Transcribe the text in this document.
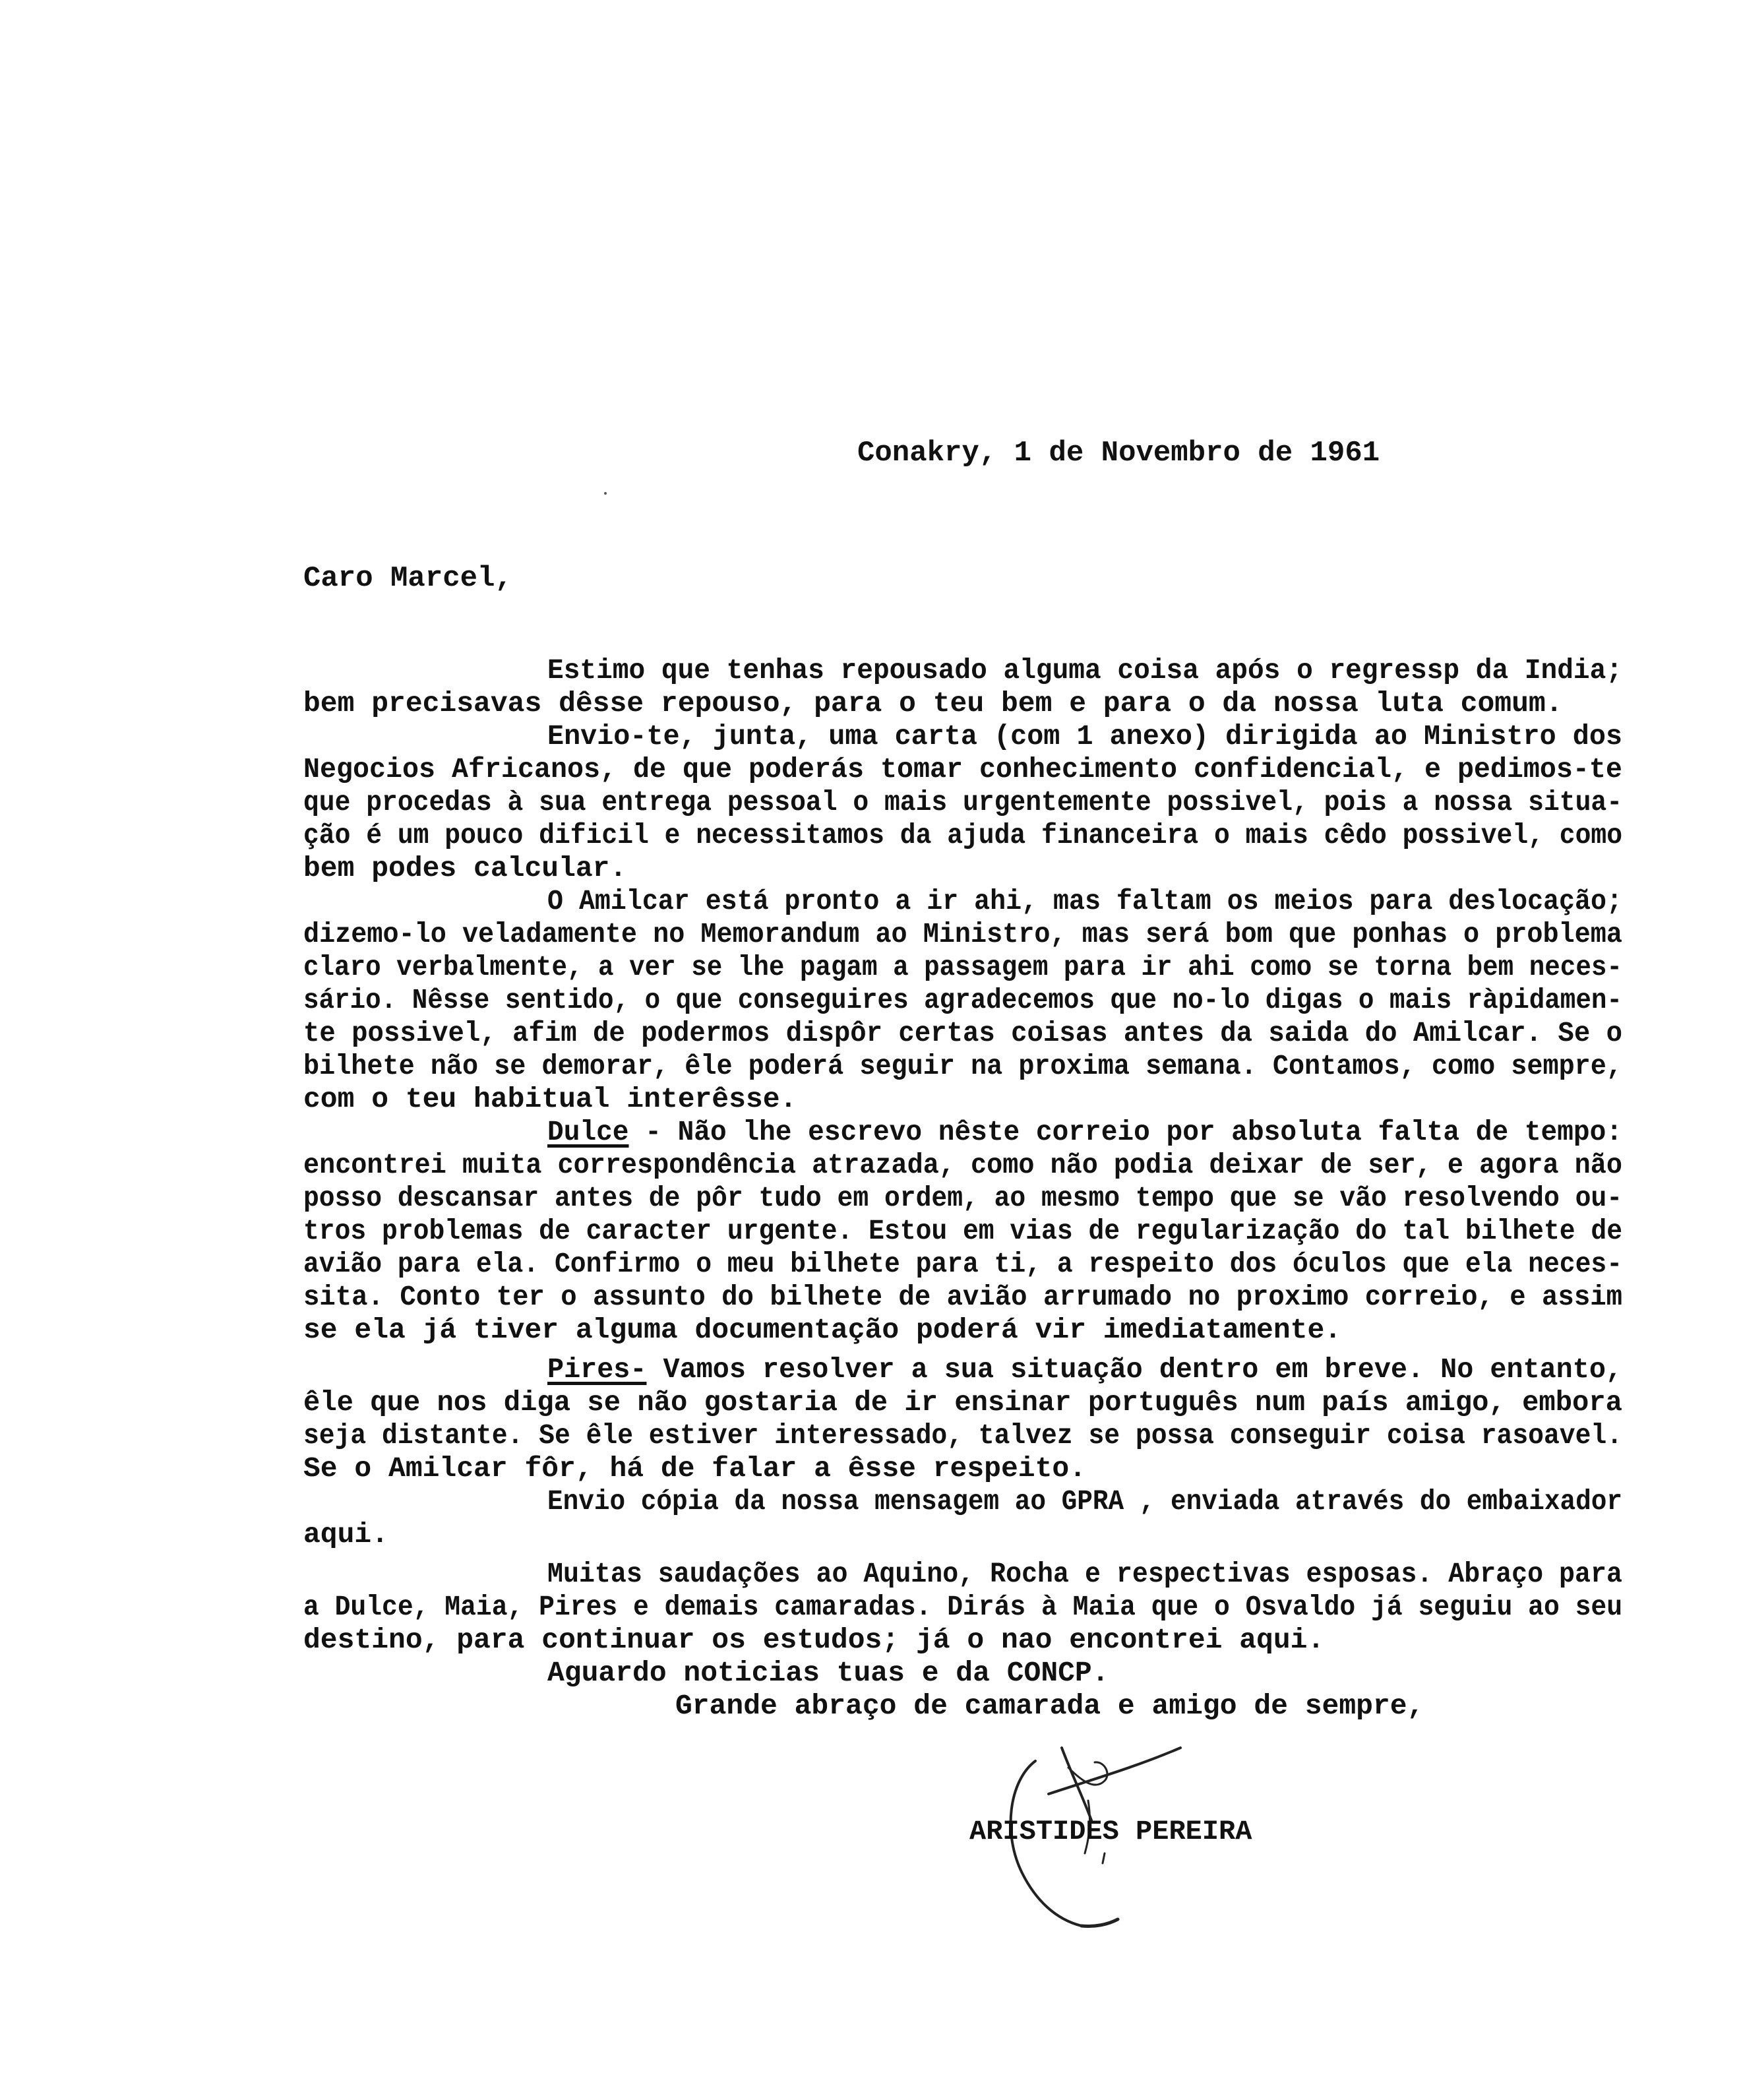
Conakry, 1 de Novembro de 1961
Caro Marcel,
Estimo que tenhas repousado alguma coisa após o regressp da India;
bem precisavas dêsse repouso, para o teu bem e para o da nossa luta comum.
Envio-te, junta, uma carta (com 1 anexo) dirigida ao Ministro dos
Negocios Africanos, de que poderás tomar conhecimento confidencial, e pedimos-te
que procedas à sua entrega pessoal o mais urgentemente possivel, pois a nossa situa-
ção é um pouco dificil e necessitamos da ajuda financeira o mais cêdo possivel, como
bem podes calcular.
O Amilcar está pronto a ir ahi, mas faltam os meios para deslocação;
dizemo-lo veladamente no Memorandum ao Ministro, mas será bom que ponhas o problema
claro verbalmente, a ver se lhe pagam a passagem para ir ahi como se torna bem neces-
sário. Nêsse sentido, o que conseguires agradecemos que no-lo digas o mais ràpidamen-
te possivel, afim de podermos dispôr certas coisas antes da saida do Amilcar. Se o
bilhete não se demorar, êle poderá seguir na proxima semana. Contamos, como sempre,
com o teu habitual interêsse.
Dulce - Não lhe escrevo nêste correio por absoluta falta de tempo:
encontrei muita correspondência atrazada, como não podia deixar de ser, e agora não
posso descansar antes de pôr tudo em ordem, ao mesmo tempo que se vão resolvendo ou-
tros problemas de caracter urgente. Estou em vias de regularização do tal bilhete de
avião para ela. Confirmo o meu bilhete para ti, a respeito dos óculos que ela neces-
sita. Conto ter o assunto do bilhete de avião arrumado no proximo correio, e assim
se ela já tiver alguma documentação poderá vir imediatamente.
Pires- Vamos resolver a sua situação dentro em breve. No entanto,
êle que nos diga se não gostaria de ir ensinar português num país amigo, embora
seja distante. Se êle estiver interessado, talvez se possa conseguir coisa rasoavel.
Se o Amilcar fôr, há de falar a êsse respeito.
Envio cópia da nossa mensagem ao GPRA , enviada através do embaixador
aqui.
Muitas saudações ao Aquino, Rocha e respectivas esposas. Abraço para
a Dulce, Maia, Pires e demais camaradas. Dirás à Maia que o Osvaldo já seguiu ao seu
destino, para continuar os estudos; já o nao encontrei aqui.
Aguardo noticias tuas e da CONCP.
Grande abraço de camarada e amigo de sempre,
ARISTIDES PEREIRA
